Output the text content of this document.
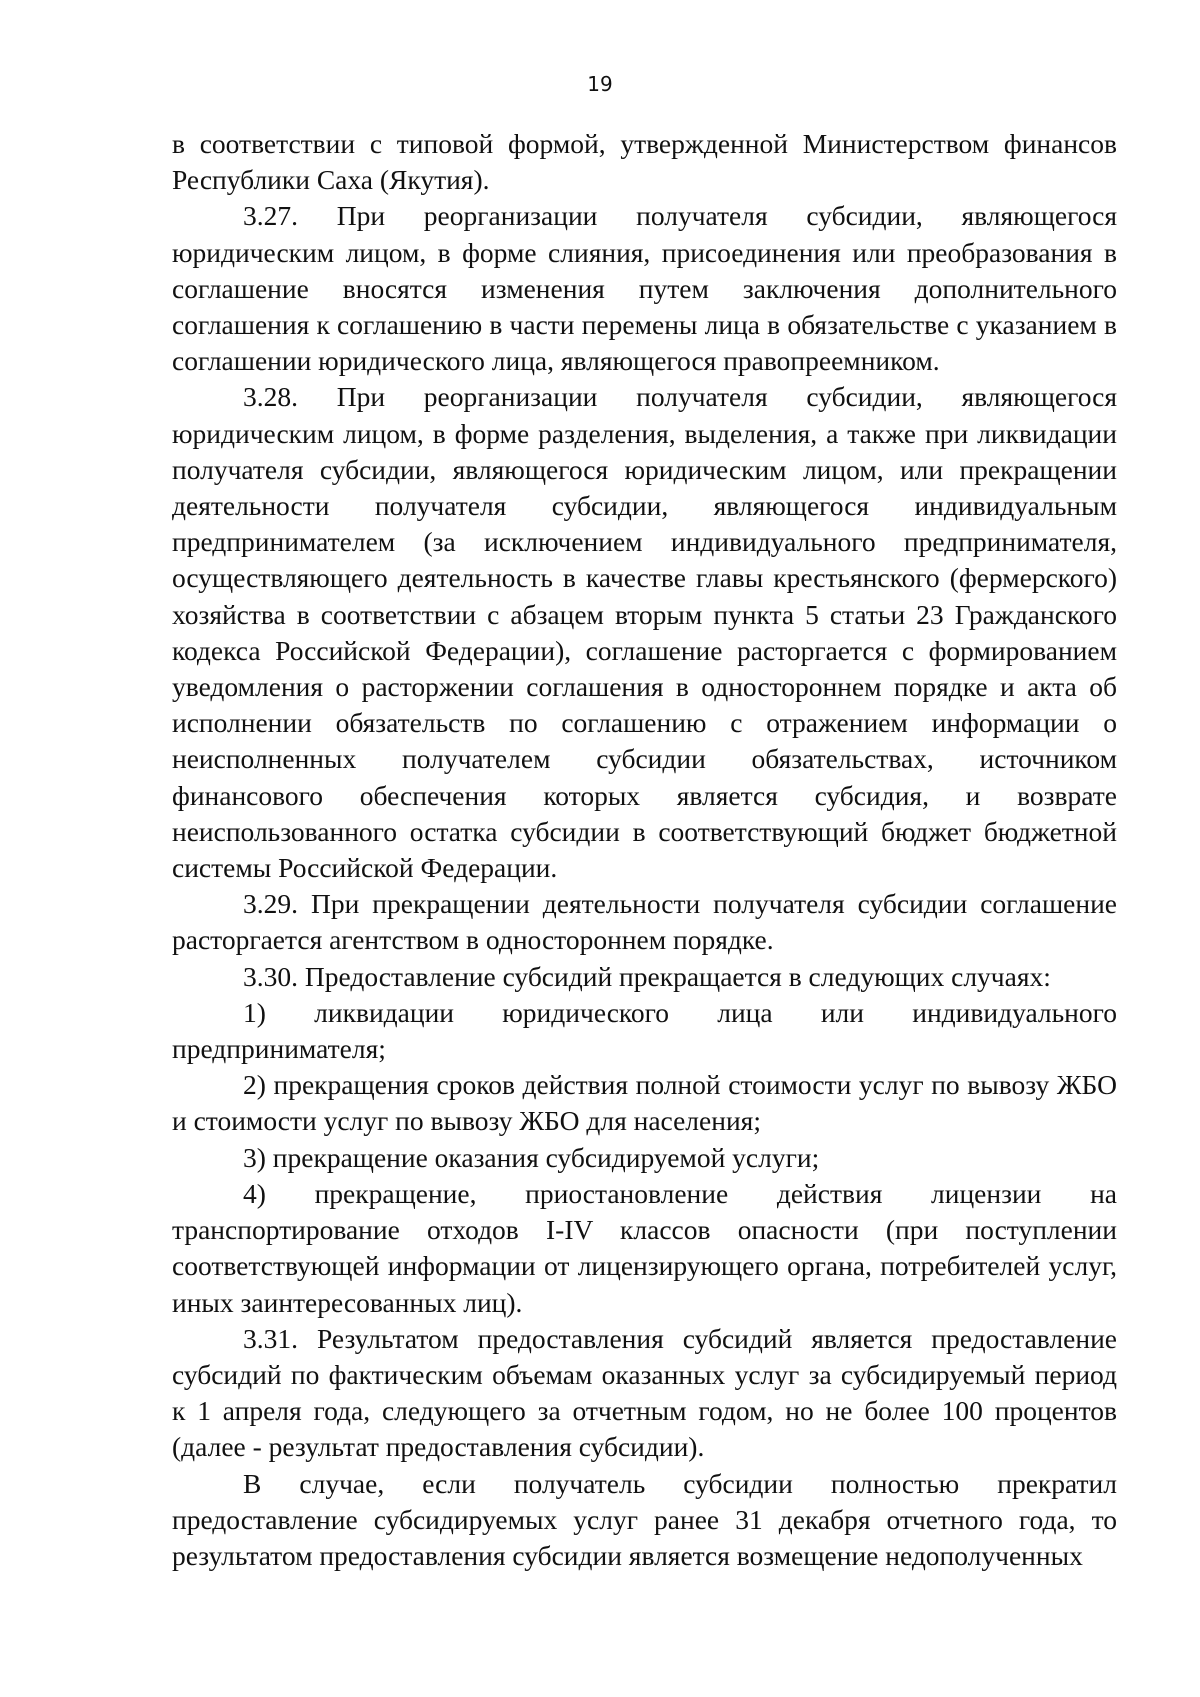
19

в соответствии с типовой формой, утвержденной Министерством финансов Республики Саха (Якутия).

3.27. При реорганизации получателя субсидии, являющегося юридическим лицом, в форме слияния, присоединения или преобразования в соглашение вносятся изменения путем заключения дополнительного соглашения к соглашению в части перемены лица в обязательстве с указанием в соглашении юридического лица, являющегося правопреемником.

3.28. При реорганизации получателя субсидии, являющегося юридическим лицом, в форме разделения, выделения, а также при ликвидации получателя субсидии, являющегося юридическим лицом, или прекращении деятельности получателя субсидии, являющегося индивидуальным предпринимателем (за исключением индивидуального предпринимателя, осуществляющего деятельность в качестве главы крестьянского (фермерского) хозяйства в соответствии с абзацем вторым пункта 5 статьи 23 Гражданского кодекса Российской Федерации), соглашение расторгается с формированием уведомления о расторжении соглашения в одностороннем порядке и акта об исполнении обязательств по соглашению с отражением информации о неисполненных получателем субсидии обязательствах, источником финансового обеспечения которых является субсидия, и возврате неиспользованного остатка субсидии в соответствующий бюджет бюджетной системы Российской Федерации.

3.29. При прекращении деятельности получателя субсидии соглашение расторгается агентством в одностороннем порядке.

3.30. Предоставление субсидий прекращается в следующих случаях:

1) ликвидации юридического лица или индивидуального предпринимателя;

2) прекращения сроков действия полной стоимости услуг по вывозу ЖБО и стоимости услуг по вывозу ЖБО для населения;

3) прекращение оказания субсидируемой услуги;

4) прекращение, приостановление действия лицензии на транспортирование отходов I-IV классов опасности (при поступлении соответствующей информации от лицензирующего органа, потребителей услуг, иных заинтересованных лиц).

3.31. Результатом предоставления субсидий является предоставление субсидий по фактическим объемам оказанных услуг за субсидируемый период к 1 апреля года, следующего за отчетным годом, но не более 100 процентов (далее - результат предоставления субсидии).

В случае, если получатель субсидии полностью прекратил предоставление субсидируемых услуг ранее 31 декабря отчетного года, то результатом предоставления субсидии является возмещение недополученных
